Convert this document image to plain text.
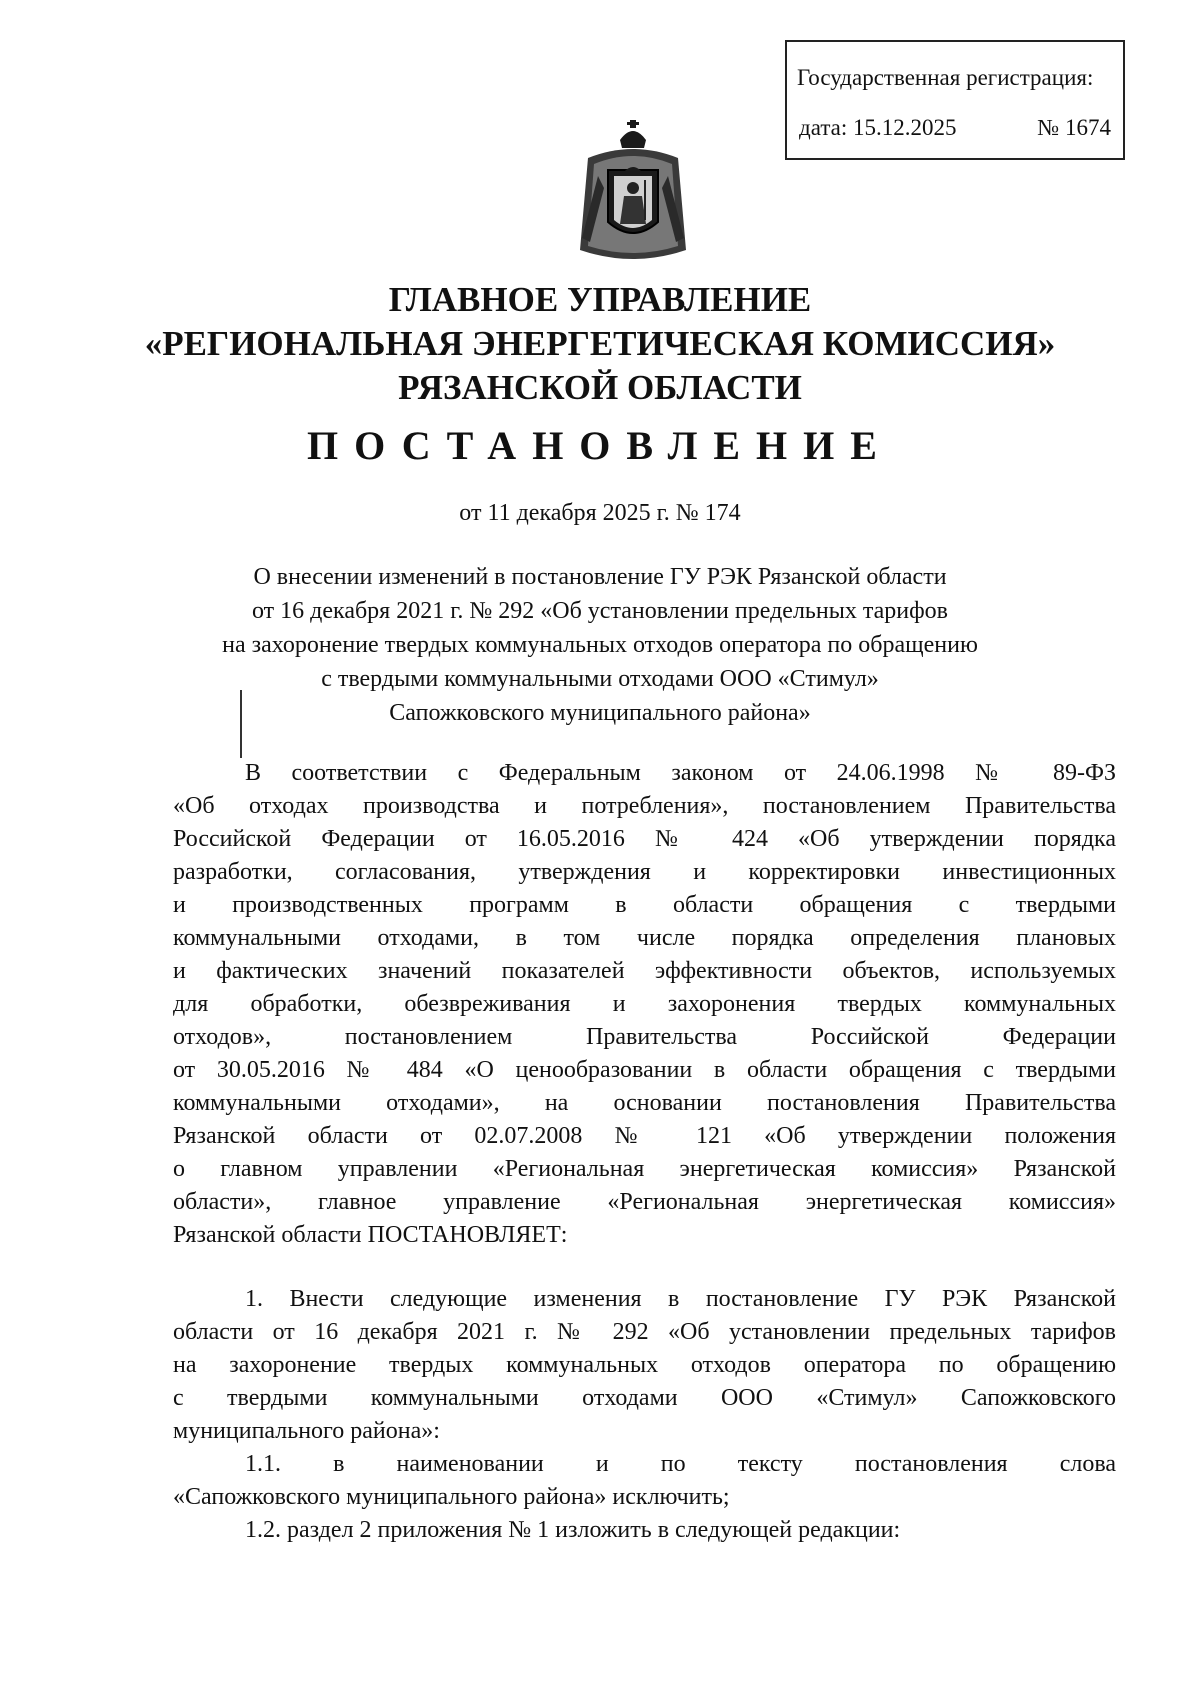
Государственная регистрация:
дата: 15.12.2025	№ 1674
ГЛАВНОЕ УПРАВЛЕНИЕ
«РЕГИОНАЛЬНАЯ ЭНЕРГЕТИЧЕСКАЯ КОМИССИЯ»
РЯЗАНСКОЙ ОБЛАСТИ
ПОСТАНОВЛЕНИЕ
от 11 декабря 2025 г. № 174
О внесении изменений в постановление ГУ РЭК Рязанской области
от 16 декабря 2021 г. № 292 «Об установлении предельных тарифов
на захоронение твердых коммунальных отходов оператора по обращению
с твердыми коммунальными отходами ООО «Стимул»
Сапожковского муниципального района»
В соответствии с Федеральным законом от 24.06.1998 № 89-ФЗ
«Об отходах производства и потребления», постановлением Правительства
Российской Федерации от 16.05.2016 № 424 «Об утверждении порядка
разработки, согласования, утверждения и корректировки инвестиционных
и производственных программ в области обращения с твердыми
коммунальными отходами, в том числе порядка определения плановых
и фактических значений показателей эффективности объектов, используемых
для обработки, обезвреживания и захоронения твердых коммунальных
отходов», постановлением Правительства Российской Федерации
от 30.05.2016 № 484 «О ценообразовании в области обращения с твердыми
коммунальными отходами», на основании постановления Правительства
Рязанской области от 02.07.2008 № 121 «Об утверждении положения
о главном управлении «Региональная энергетическая комиссия» Рязанской
области», главное управление «Региональная энергетическая комиссия»
Рязанской области ПОСТАНОВЛЯЕТ:
1. Внести следующие изменения в постановление ГУ РЭК Рязанской
области от 16 декабря 2021 г. № 292 «Об установлении предельных тарифов
на захоронение твердых коммунальных отходов оператора по обращению
с твердыми коммунальными отходами ООО «Стимул» Сапожковского
муниципального района»:
1.1. в наименовании и по тексту постановления слова
«Сапожковского муниципального района» исключить;
1.2. раздел 2 приложения № 1 изложить в следующей редакции:
